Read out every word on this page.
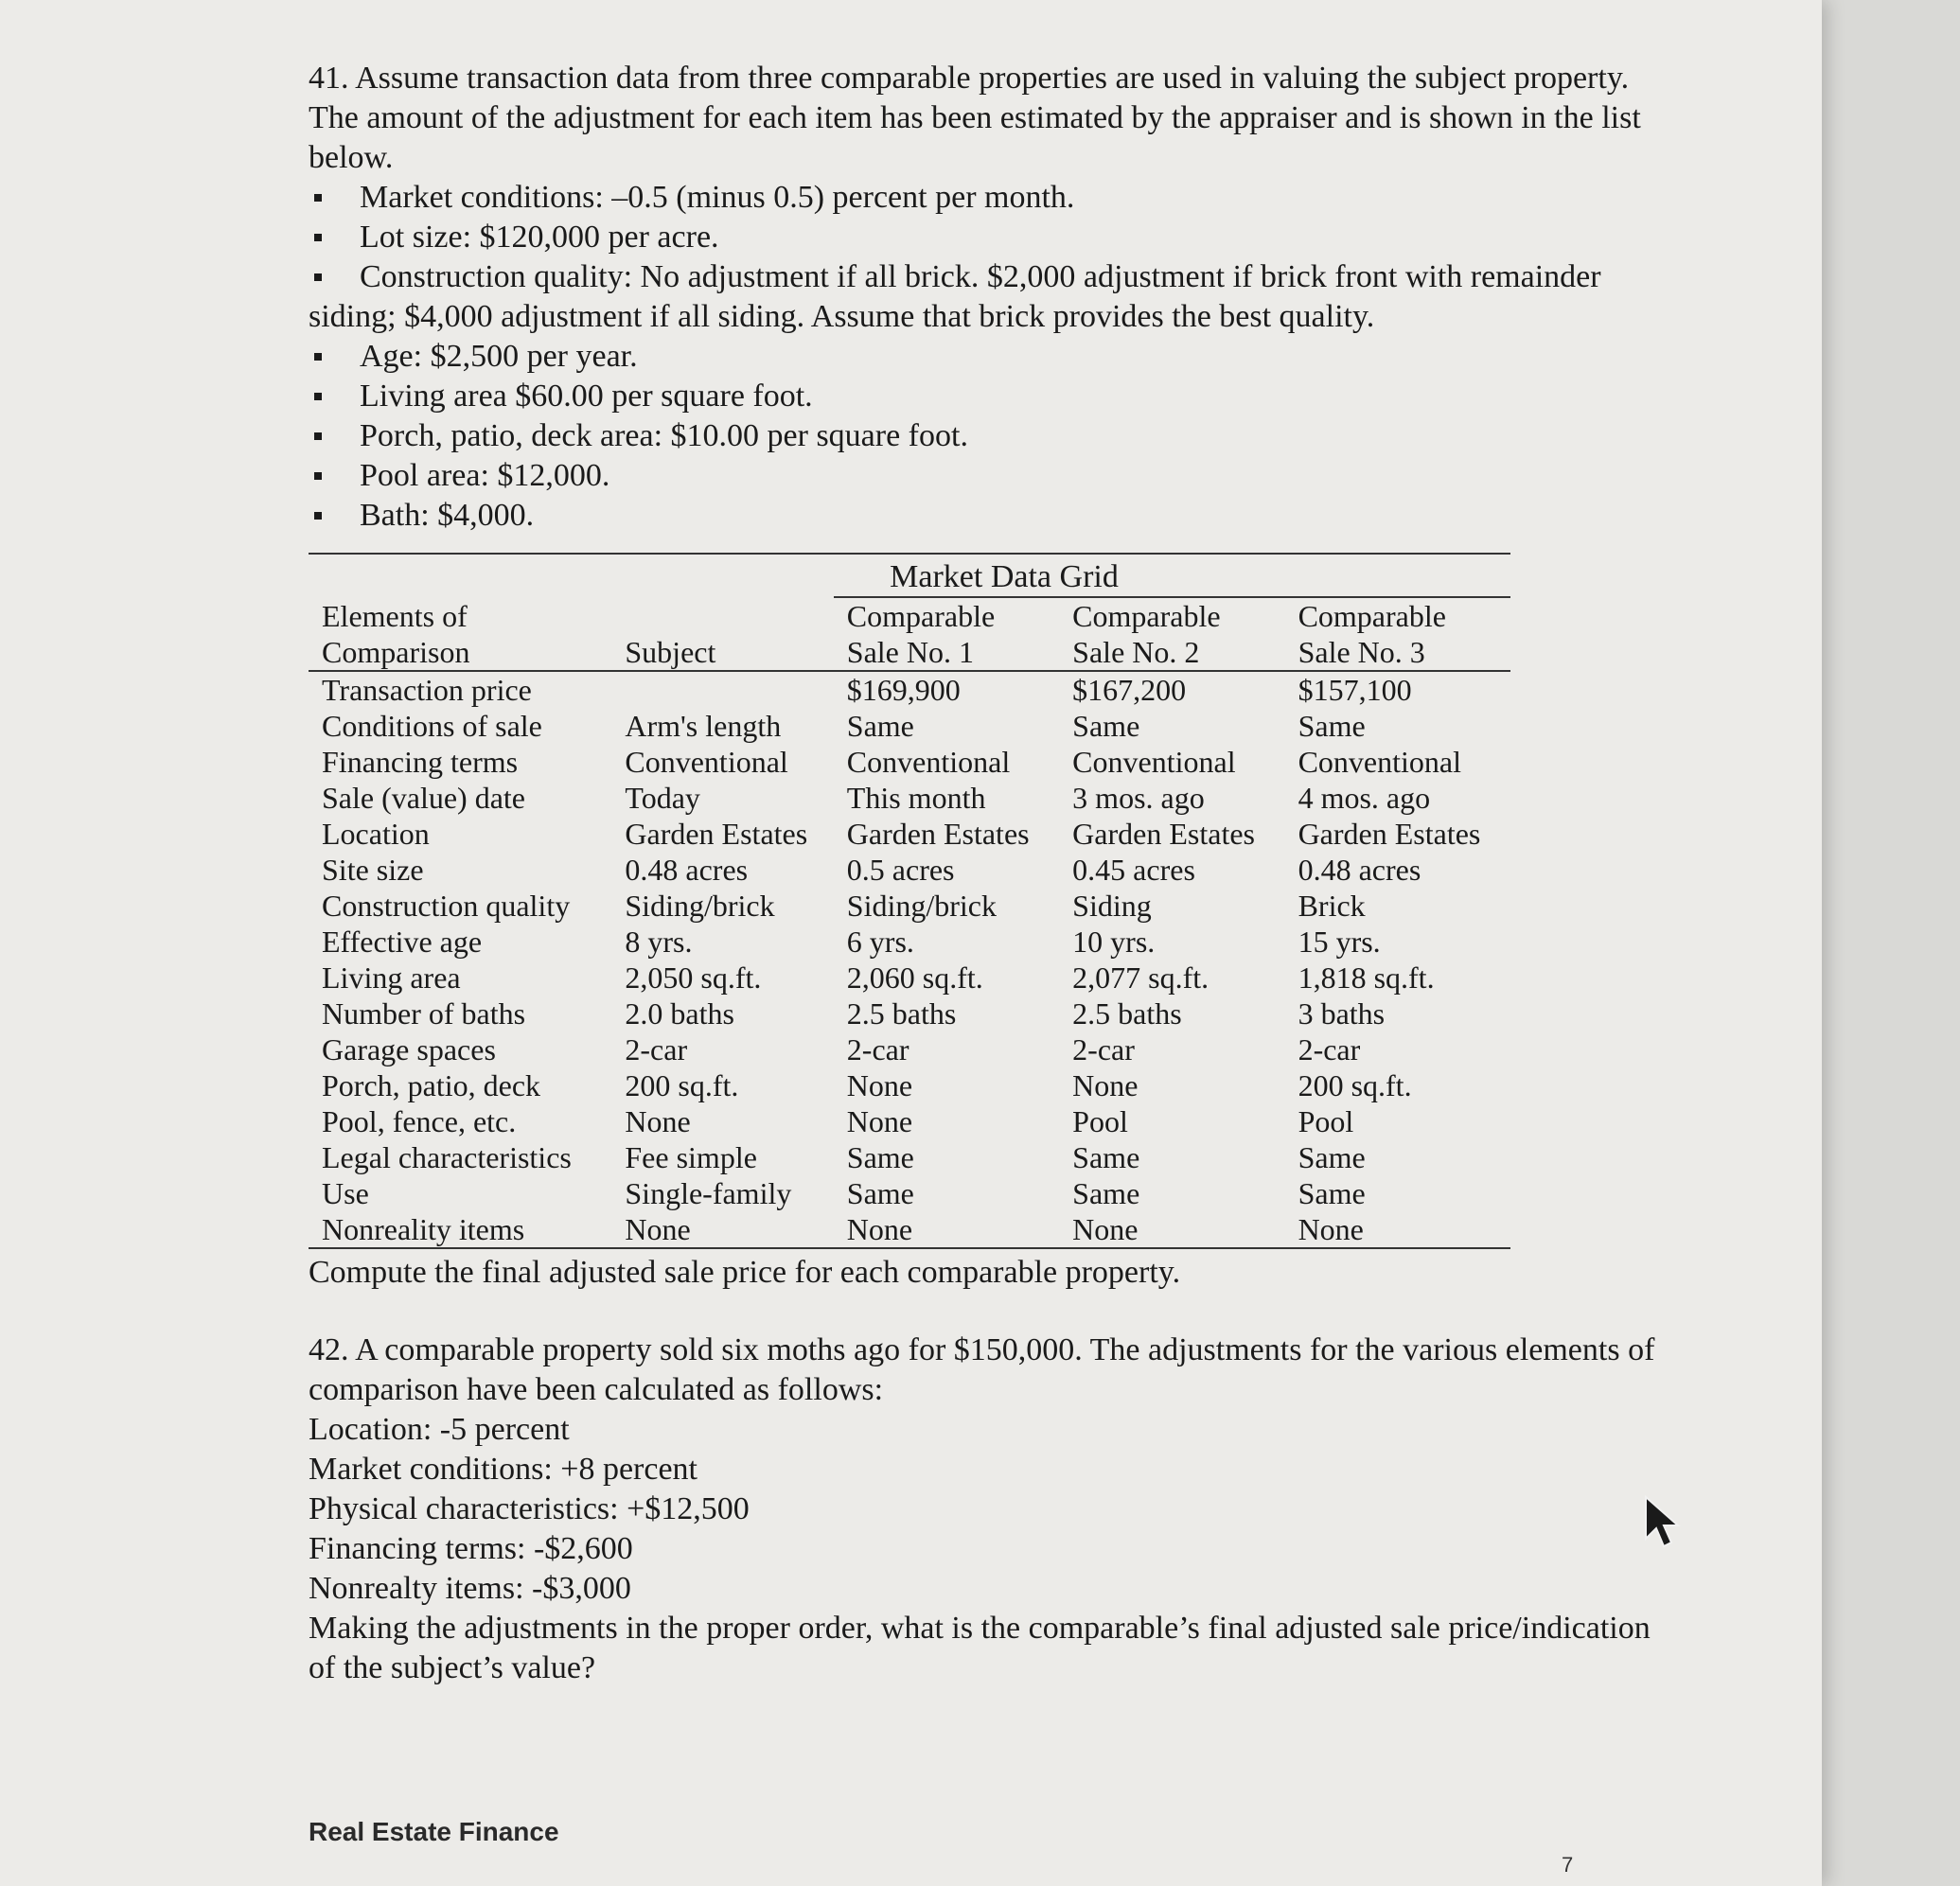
41. Assume transaction data from three comparable properties are used in valuing the subject property. The amount of the adjustment for each item has been estimated by the appraiser and is shown in the list below.

Market conditions: –0.5 (minus 0.5) percent per month.
Lot size: $120,000 per acre.
Construction quality: No adjustment if all brick. $2,000 adjustment if brick front with remainder siding; $4,000 adjustment if all siding. Assume that brick provides the best quality.
Age: $2,500 per year.
Living area $60.00 per square foot.
Porch, patio, deck area: $10.00 per square foot.
Pool area: $12,000.
Bath: $4,000.
Market Data Grid
Elements of Comparison	Subject	Comparable Sale No. 1	Comparable Sale No. 2	Comparable Sale No. 3
Transaction price		$169,900	$167,200	$157,100
Conditions of sale	Arm's length	Same	Same	Same
Financing terms	Conventional	Conventional	Conventional	Conventional
Sale (value) date	Today	This month	3 mos. ago	4 mos. ago
Location	Garden Estates	Garden Estates	Garden Estates	Garden Estates
Site size	0.48 acres	0.5 acres	0.45 acres	0.48 acres
Construction quality	Siding/brick	Siding/brick	Siding	Brick
Effective age	8 yrs.	6 yrs.	10 yrs.	15 yrs.
Living area	2,050 sq.ft.	2,060 sq.ft.	2,077 sq.ft.	1,818 sq.ft.
Number of baths	2.0 baths	2.5 baths	2.5 baths	3 baths
Garage spaces	2-car	2-car	2-car	2-car
Porch, patio, deck	200 sq.ft.	None	None	200 sq.ft.
Pool, fence, etc.	None	None	Pool	Pool
Legal characteristics	Fee simple	Same	Same	Same
Use	Single-family	Same	Same	Same
Nonreality items	None	None	None	None

Compute the final adjusted sale price for each comparable property.

42. A comparable property sold six moths ago for $150,000. The adjustments for the various elements of comparison have been calculated as follows:

Location: -5 percent

Market conditions: +8 percent

Physical characteristics: +$12,500

Financing terms: -$2,600

Nonrealty items: -$3,000

Making the adjustments in the proper order, what is the comparable’s final adjusted sale price/indication of the subject’s value?

Real Estate Finance
7
